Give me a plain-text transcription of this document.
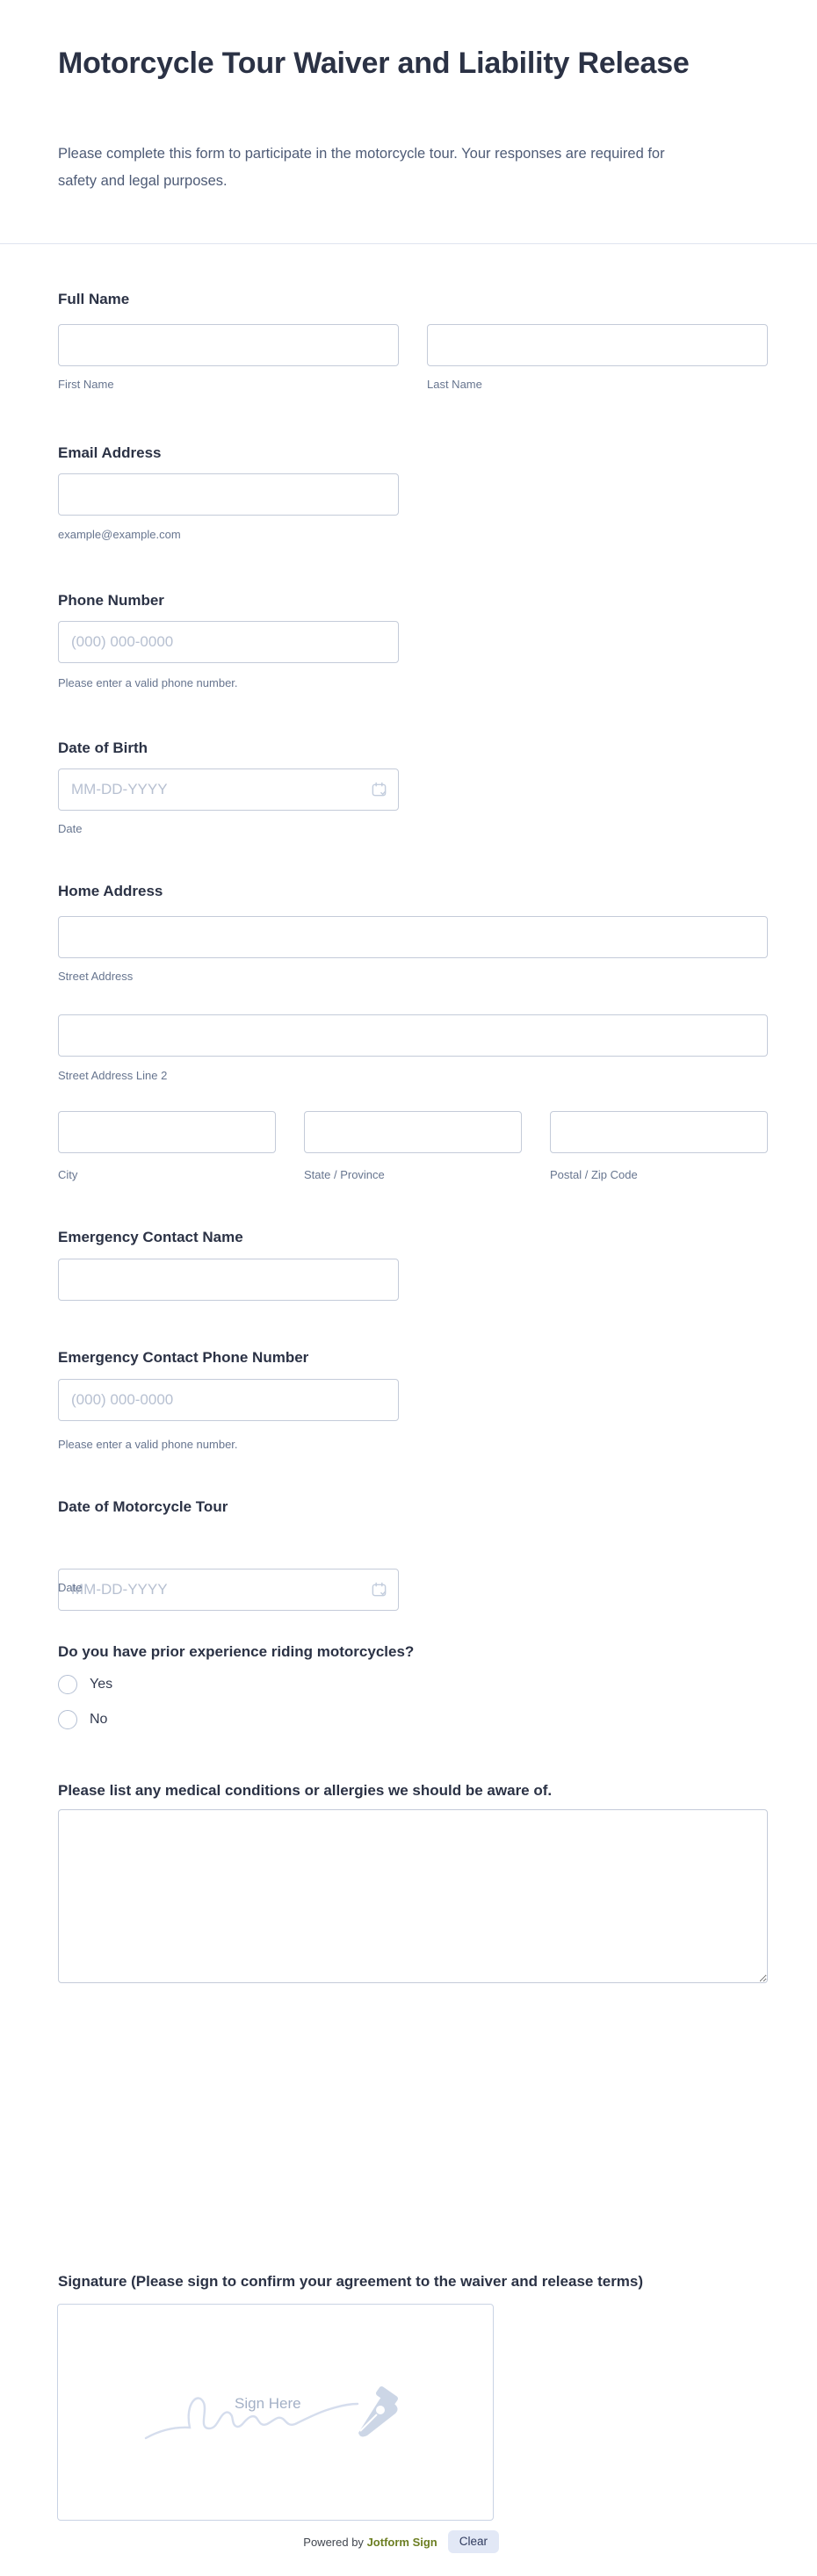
Motorcycle Tour Waiver and Liability Release

Please complete this form to participate in the motorcycle tour. Your responses are required for safety and legal purposes.

Full Name
First Name	Last Name
Email Address
example@example.com
Phone Number
(000) 000-0000
Please enter a valid phone number.
Date of Birth
MM-DD-YYYY
Date
Home Address
Street Address
Street Address Line 2
City	State / Province	Postal / Zip Code
Emergency Contact Name
Emergency Contact Phone Number
(000) 000-0000
Please enter a valid phone number.
Date of Motorcycle Tour
MM-DD-YYYY
Date
Do you have prior experience riding motorcycles?
Yes
No
Please list any medical conditions or allergies we should be aware of.
Signature (Please sign to confirm your agreement to the waiver and release terms)
Sign Here
Powered by Jotform Sign	Clear
